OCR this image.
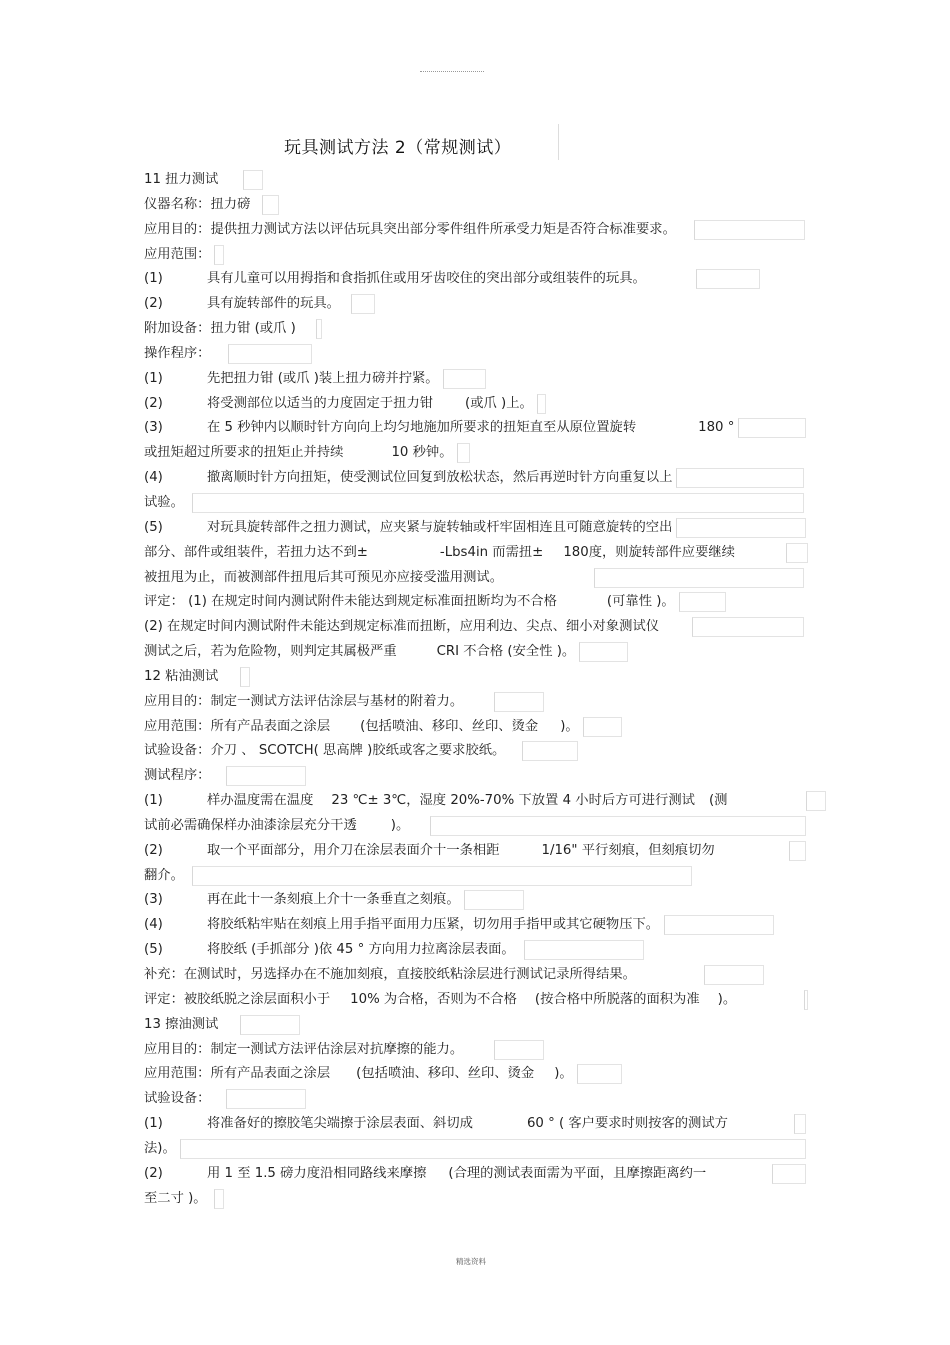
玩具测试方法 2（常规测试）
11 扭力测试
仪器名称：扭力磅
应用目的：提供扭力测试方法以评估玩具突出部分零件组件所承受力矩是否符合标准要求。
应用范围：
(1)	具有儿童可以用拇指和食指抓住或用牙齿咬住的突出部分或组装件的玩具。
(2)	具有旋转部件的玩具。
附加设备：扭力钳 (或爪 )
操作程序：
(1)	先把扭力钳 (或爪 )装上扭力磅并拧紧。
(2)	将受测部位以适当的力度固定于扭力钳 (或爪 )上。
(3)	在 5 秒钟内以顺时针方向向上均匀地施加所要求的扭矩直至从原位置旋转	180 °
或扭矩超过所要求的扭矩止并持续	10 秒钟。
(4)	撤离顺时针方向扭矩，使受测试位回复到放松状态，然后再逆时针方向重复以上
试验。
(5)	对玩具旋转部件之扭力测试，应夹紧与旋转轴或杆牢固相连且可随意旋转的空出
部分、部件或组装件，若扭力达不到±	-Lbs4in 而需扭± 180度，则旋转部件应要继续
被扭甩为止，而被测部件扭甩后其可预见亦应接受滥用测试。
评定： (1) 在规定时间内测试附件未能达到规定标准面扭断均为不合格	(可靠性 )。
(2) 在规定时间内测试附件未能达到规定标准而扭断，应用利边、尖点、细小对象测试仪
测试之后，若为危险物，则判定其属极严重	CRI 不合格 (安全性 )。
12 粘油测试
应用目的：制定一测试方法评估涂层与基材的附着力。
应用范围：所有产品表面之涂层 (包括喷油、移印、丝印、烫金 )。
试验设备：介刀 、 SCOTCH( 思高牌 )胶纸或客之要求胶纸。
测试程序：
(1)	样办温度需在温度 23 ℃± 3℃，湿度 20%-70% 下放置 4 小时后方可进行测试 (测
试前必需确保样办油漆涂层充分干透	)。
(2)	取一个平面部分，用介刀在涂层表面介十一条相距	1/16" 平行刻痕，但刻痕切勿
翻介。
(3)	再在此十一条刻痕上介十一条垂直之刻痕。
(4)	将胶纸粘牢贴在刻痕上用手指平面用力压紧，切勿用手指甲或其它硬物压下。
(5)	将胶纸 (手抓部分 )依 45 ° 方向用力拉离涂层表面。
补充：在测试时，另选择办在不施加刻痕，直接胶纸粘涂层进行测试记录所得结果。
评定：被胶纸脱之涂层面积小于 10% 为合格，否则为不合格 (按合格中所脱落的面积为准 )。
13 擦油测试
应用目的：制定一测试方法评估涂层对抗摩擦的能力。
应用范围：所有产品表面之涂层 (包括喷油、移印、丝印、烫金 )。
试验设备：
(1)	将准备好的擦胶笔尖端擦于涂层表面、斜切成	60 ° ( 客户要求时则按客的测试方
法)。
(2)	用 1 至 1.5 磅力度沿相同路线来摩擦 (合理的测试表面需为平面，且摩擦距离约一
至二寸 )。
精选资料
